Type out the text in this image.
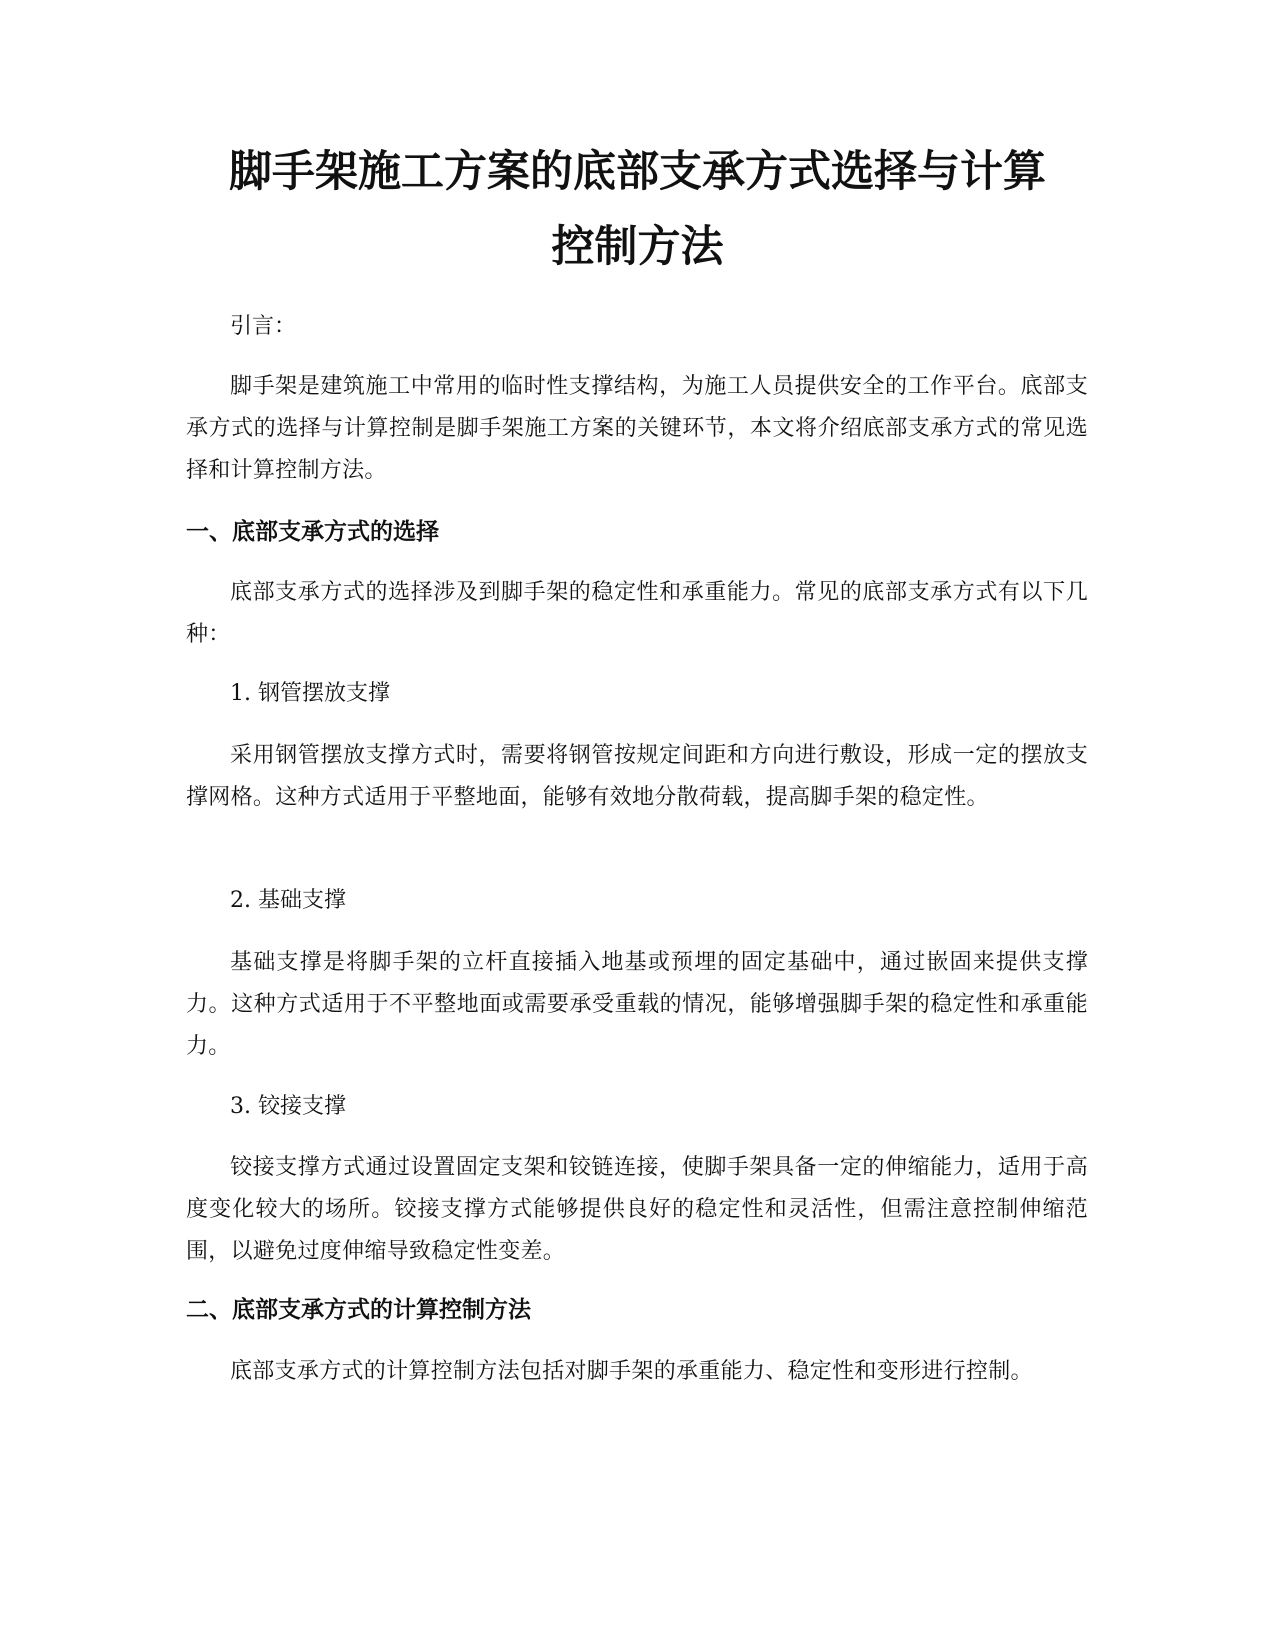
脚手架施工方案的底部支承方式选择与计算
控制方法

引言：

脚手架是建筑施工中常用的临时性支撑结构，为施工人员提供安全的工作平台。底部支承方式的选择与计算控制是脚手架施工方案的关键环节，本文将介绍底部支承方式的常见选择和计算控制方法。

一、底部支承方式的选择

底部支承方式的选择涉及到脚手架的稳定性和承重能力。常见的底部支承方式有以下几种：

1. 钢管摆放支撑

采用钢管摆放支撑方式时，需要将钢管按规定间距和方向进行敷设，形成一定的摆放支撑网格。这种方式适用于平整地面，能够有效地分散荷载，提高脚手架的稳定性。

2. 基础支撑

基础支撑是将脚手架的立杆直接插入地基或预埋的固定基础中，通过嵌固来提供支撑力。这种方式适用于不平整地面或需要承受重载的情况，能够增强脚手架的稳定性和承重能力。

3. 铰接支撑

铰接支撑方式通过设置固定支架和铰链连接，使脚手架具备一定的伸缩能力，适用于高度变化较大的场所。铰接支撑方式能够提供良好的稳定性和灵活性，但需注意控制伸缩范围，以避免过度伸缩导致稳定性变差。

二、底部支承方式的计算控制方法

底部支承方式的计算控制方法包括对脚手架的承重能力、稳定性和变形进行控制。
